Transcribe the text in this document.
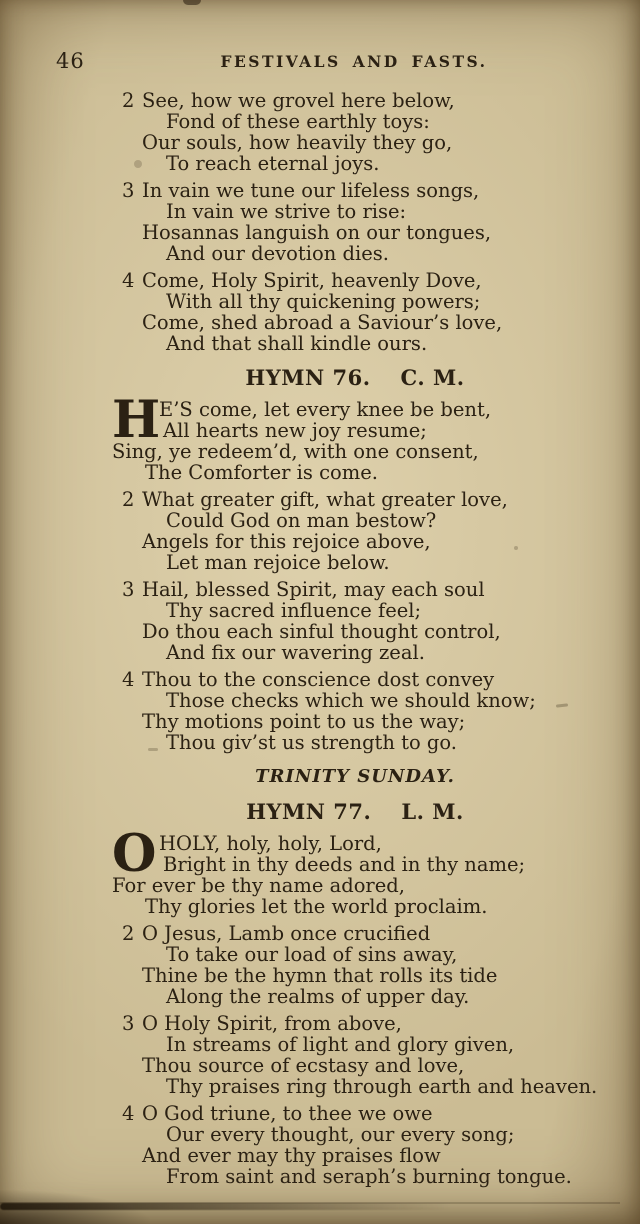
46	FESTIVALS AND FASTS.
2 See, how we grovel here below,
Fond of these earthly toys:
Our souls, how heavily they go,
To reach eternal joys.
3 In vain we tune our lifeless songs,
In vain we strive to rise:
Hosannas languish on our tongues,
And our devotion dies.
4 Come, Holy Spirit, heavenly Dove,
With all thy quickening powers;
Come, shed abroad a Saviour’s love,
And that shall kindle ours.
HYMN 76. C. M.
H
E’S come, let every knee be bent,
All hearts new joy resume;
Sing, ye redeem’d, with one consent,
The Comforter is come.
2 What greater gift, what greater love,
Could God on man bestow?
Angels for this rejoice above,
Let man rejoice below.
3 Hail, blessed Spirit, may each soul
Thy sacred influence feel;
Do thou each sinful thought control,
And fix our wavering zeal.
4 Thou to the conscience dost convey
Those checks which we should know;
Thy motions point to us the way;
Thou giv’st us strength to go.
TRINITY SUNDAY.
HYMN 77. L. M.
O HOLY, holy, holy, Lord,
Bright in thy deeds and in thy name;
For ever be thy name adored,
Thy glories let the world proclaim.
2 O Jesus, Lamb once crucified
To take our load of sins away,
Thine be the hymn that rolls its tide
Along the realms of upper day.
3 O Holy Spirit, from above,
In streams of light and glory given,
Thou source of ecstasy and love,
Thy praises ring through earth and heaven.
4 O God triune, to thee we owe
Our every thought, our every song;
And ever may thy praises flow
From saint and seraph’s burning tongue.
